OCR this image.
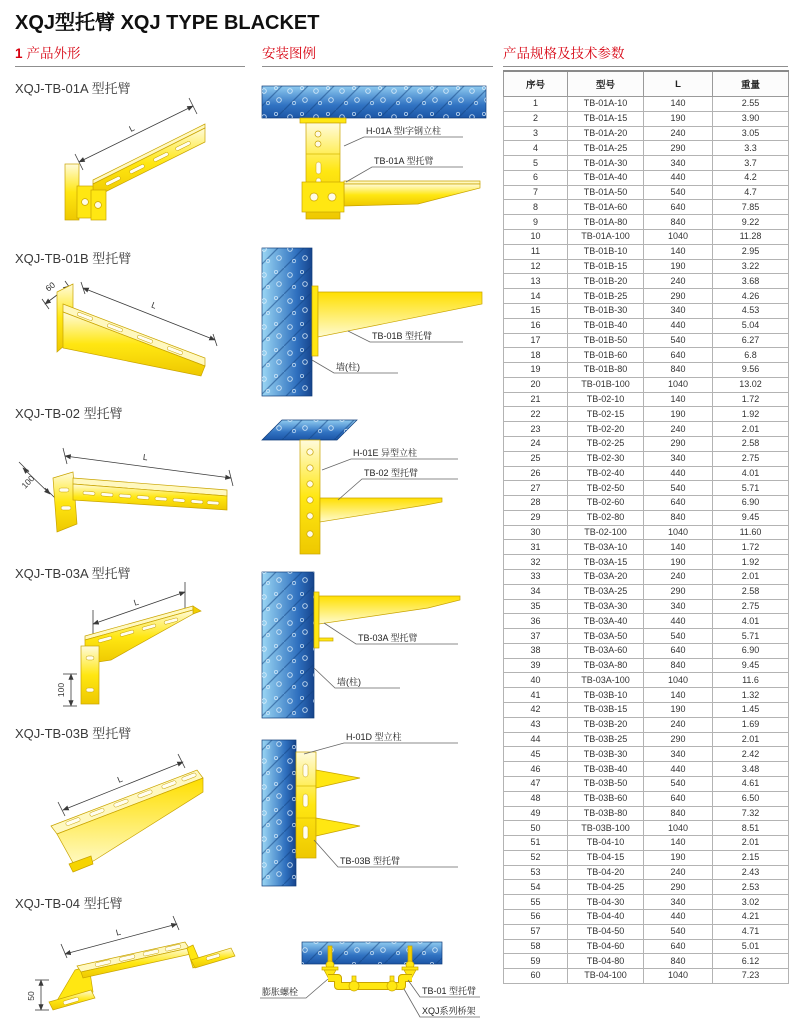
XQJ型托臂 XQJ TYPE BLACKET
1 产品外形	安装图例	产品规格及技术参数
XQJ-TB-01A 型托臂
XQJ-TB-01B 型托臂
XQJ-TB-02 型托臂
XQJ-TB-03A 型托臂
XQJ-TB-03B 型托臂
XQJ-TB-04 型托臂
L
60
L
100
L
L
100
L
L
50
H-01A 型I字钢立柱
TB-01A 型托臂
TB-01B 型托臂
墙(柱)
H-01E 异型立柱
TB-02 型托臂
TB-03A 型托臂
墙(柱)
H-01D 型立柱
TB-03B 型托臂
膨胀螺栓	TB-01 型托臂
XQJ系列桥架
序号	型号	L	重量
1	TB-01A-10	140	2.55
2	TB-01A-15	190	3.90
3	TB-01A-20	240	3.05
4	TB-01A-25	290	3.3
5	TB-01A-30	340	3.7
6	TB-01A-40	440	4.2
7	TB-01A-50	540	4.7
8	TB-01A-60	640	7.85
9	TB-01A-80	840	9.22
10	TB-01A-100	1040	11.28
11	TB-01B-10	140	2.95
12	TB-01B-15	190	3.22
13	TB-01B-20	240	3.68
14	TB-01B-25	290	4.26
15	TB-01B-30	340	4.53
16	TB-01B-40	440	5.04
17	TB-01B-50	540	6.27
18	TB-01B-60	640	6.8
19	TB-01B-80	840	9.56
20	TB-01B-100	1040	13.02
21	TB-02-10	140	1.72
22	TB-02-15	190	1.92
23	TB-02-20	240	2.01
24	TB-02-25	290	2.58
25	TB-02-30	340	2.75
26	TB-02-40	440	4.01
27	TB-02-50	540	5.71
28	TB-02-60	640	6.90
29	TB-02-80	840	9.45
30	TB-02-100	1040	11.60
31	TB-03A-10	140	1.72
32	TB-03A-15	190	1.92
33	TB-03A-20	240	2.01
34	TB-03A-25	290	2.58
35	TB-03A-30	340	2.75
36	TB-03A-40	440	4.01
37	TB-03A-50	540	5.71
38	TB-03A-60	640	6.90
39	TB-03A-80	840	9.45
40	TB-03A-100	1040	11.6
41	TB-03B-10	140	1.32
42	TB-03B-15	190	1.45
43	TB-03B-20	240	1.69
44	TB-03B-25	290	2.01
45	TB-03B-30	340	2.42
46	TB-03B-40	440	3.48
47	TB-03B-50	540	4.61
48	TB-03B-60	640	6.50
49	TB-03B-80	840	7.32
50	TB-03B-100	1040	8.51
51	TB-04-10	140	2.01
52	TB-04-15	190	2.15
53	TB-04-20	240	2.43
54	TB-04-25	290	2.53
55	TB-04-30	340	3.02
56	TB-04-40	440	4.21
57	TB-04-50	540	4.71
58	TB-04-60	640	5.01
59	TB-04-80	840	6.12
60	TB-04-100	1040	7.23
